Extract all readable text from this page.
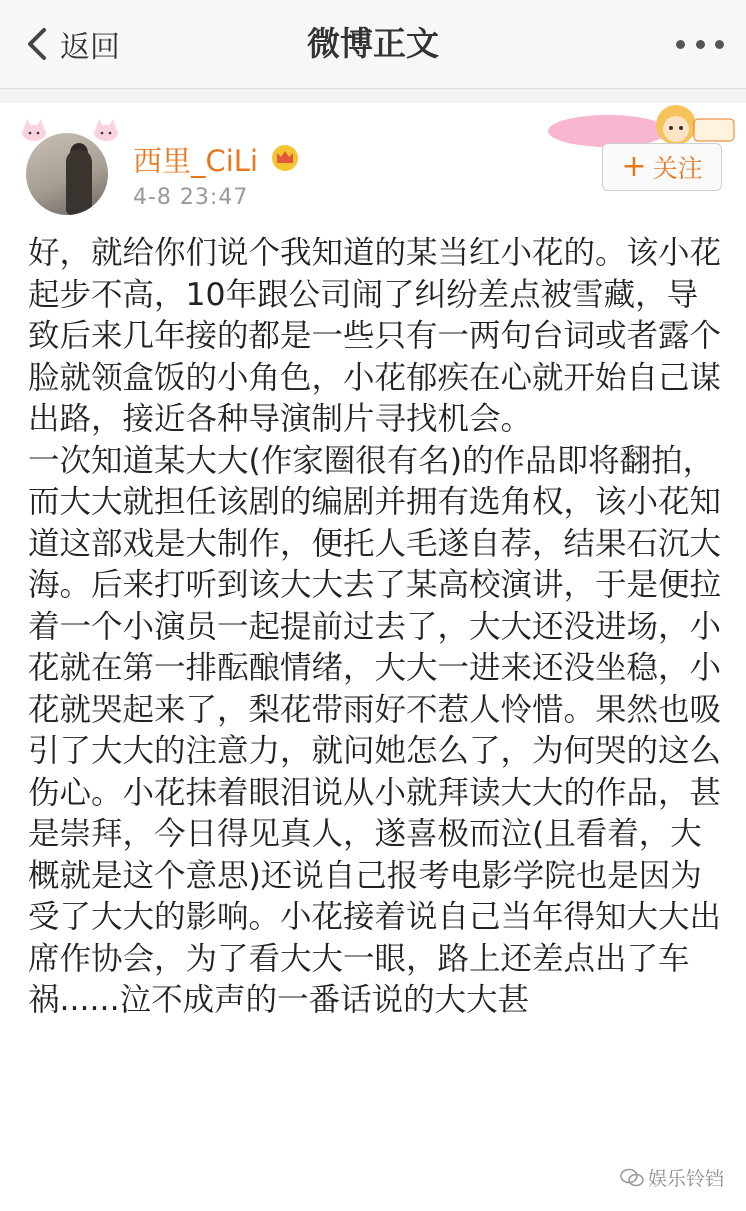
返回	微博正文
西里_CiLi
4-8 23:47
+ 关注

好，就给你们说个我知道的某当红小花的。该小花起步不高，10年跟公司闹了纠纷差点被雪藏，导致后来几年接的都是一些只有一两句台词或者露个脸就领盒饭的小角色，小花郁疾在心就开始自己谋出路，接近各种导演制片寻找机会。

一次知道某大大(作家圈很有名)的作品即将翻拍，而大大就担任该剧的编剧并拥有选角权，该小花知道这部戏是大制作，便托人毛遂自荐，结果石沉大海。后来打听到该大大去了某高校演讲，于是便拉着一个小演员一起提前过去了，大大还没进场，小花就在第一排酝酿情绪，大大一进来还没坐稳，小花就哭起来了，梨花带雨好不惹人怜惜。果然也吸引了大大的注意力，就问她怎么了，为何哭的这么伤心。小花抹着眼泪说从小就拜读大大的作品，甚是崇拜，今日得见真人，遂喜极而泣(且看着，大概就是这个意思)还说自己报考电影学院也是因为受了大大的影响。小花接着说自己当年得知大大出席作协会，为了看大大一眼，路上还差点出了车祸......泣不成声的一番话说的大大甚

娱乐铃铛
